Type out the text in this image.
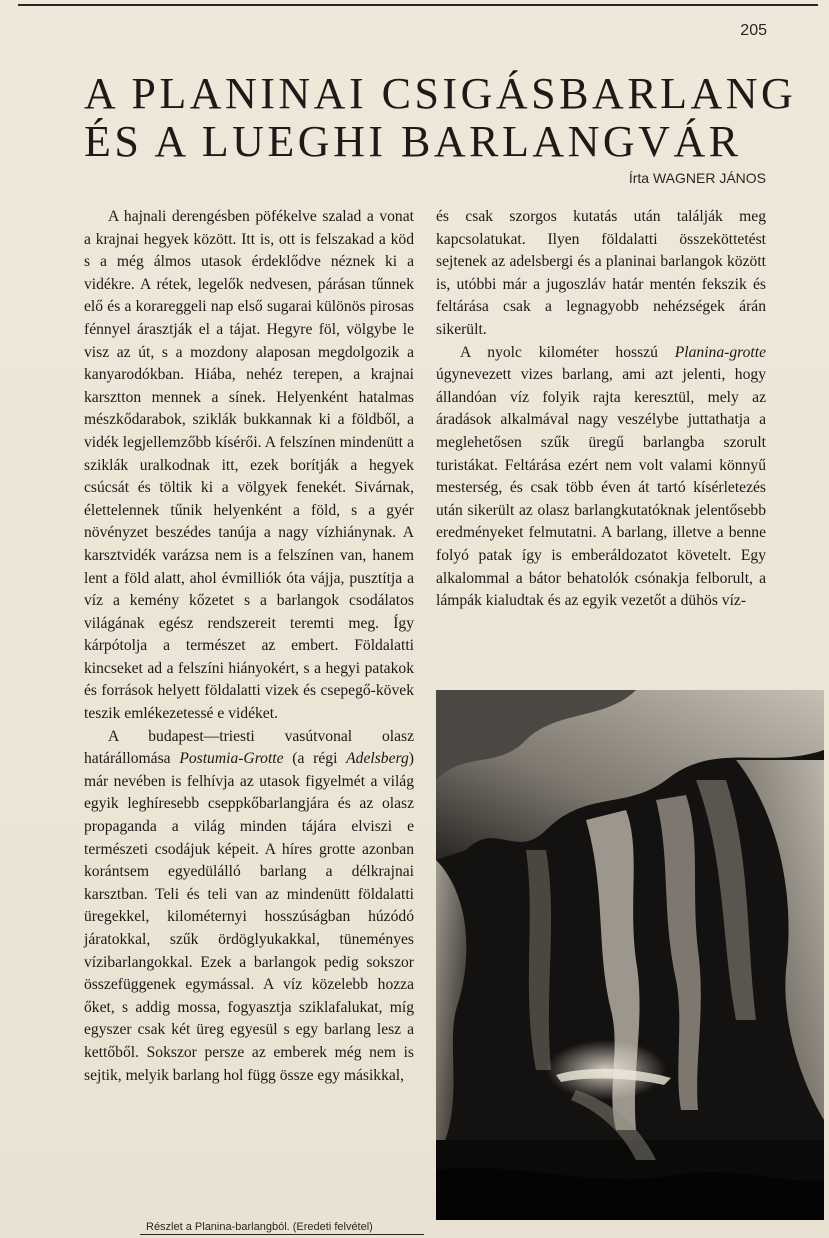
205
A PLANINAI CSIGÁSBARLANG
ÉS A LUEGHI BARLANGVÁR
Írta WAGNER JÁNOS

A hajnali derengésben pöfékelve szalad a vonat a krajnai hegyek között. Itt is, ott is felszakad a köd s a még álmos utasok érdeklődve néznek ki a vidékre. A rétek, legelők nedvesen, párásan tűnnek elő és a korareggeli nap első sugarai különös pirosas fénnyel árasztják el a tájat. Hegyre föl, völgybe le visz az út, s a mozdony alaposan megdolgozik a kanyarodókban. Hiába, nehéz terepen, a krajnai karsztton mennek a sínek. Helyenként hatalmas mészkődarabok, sziklák bukkannak ki a földből, a vidék legjellemzőbb kísérői. A felszínen mindenütt a sziklák uralkodnak itt, ezek borítják a hegyek csúcsát és töltik ki a völgyek fenekét. Sivárnak, élettelennek tűnik helyenként a föld, s a gyér növényzet beszédes tanúja a nagy vízhiánynak. A karsztvidék varázsa nem is a felszínen van, hanem lent a föld alatt, ahol évmilliók óta vájja, pusztítja a víz a kemény kőzetet s a barlangok csodálatos világának egész rendszereit teremti meg. Így kárpótolja a természet az embert. Földalatti kincseket ad a felszíni hiányokért, s a hegyi patakok és források helyett földalatti vizek és csepegő-kövek teszik emlékezetessé e vidéket.

A budapest—triesti vasútvonal olasz határállomása Postumia-Grotte (a régi Adelsberg) már nevében is felhívja az utasok figyelmét a világ egyik leghíresebb cseppkőbarlangjára és az olasz propaganda a világ minden tájára elviszi e természeti csodájuk képeit. A híres grotte azonban korántsem egyedülálló barlang a délkrajnai karsztban. Teli és teli van az mindenütt földalatti üregekkel, kilométernyi hosszúságban húzódó járatokkal, szűk ördöglyukakkal, tüneményes vízibarlangokkal. Ezek a barlangok pedig sokszor összefüggenek egymással. A víz közelebb hozza őket, s addig mossa, fogyasztja sziklafalukat, míg egyszer csak két üreg egyesül s egy barlang lesz a kettőből. Sokszor persze az emberek még nem is sejtik, melyik barlang hol függ össze egy másikkal,

és csak szorgos kutatás után találják meg kapcsolatukat. Ilyen földalatti összeköttetést sejtenek az adelsbergi és a planinai barlangok között is, utóbbi már a jugoszláv határ mentén fekszik és feltárása csak a legnagyobb nehézségek árán sikerült.

A nyolc kilométer hosszú Planina-grotte úgynevezett vizes barlang, ami azt jelenti, hogy állandóan víz folyik rajta keresztül, mely az áradások alkalmával nagy veszélybe juttathatja a meglehetősen szűk üregű barlangba szorult turistákat. Feltárása ezért nem volt valami könnyű mesterség, és csak több éven át tartó kísérletezés után sikerült az olasz barlangkutatóknak jelentősebb eredményeket felmutatni. A barlang, illetve a benne folyó patak így is emberáldozatot követelt. Egy alkalommal a bátor behatolók csónakja felborult, a lámpák kialudtak és az egyik vezetőt a dühös víz-

Részlet a Planina-barlangból. (Eredeti felvétel)
